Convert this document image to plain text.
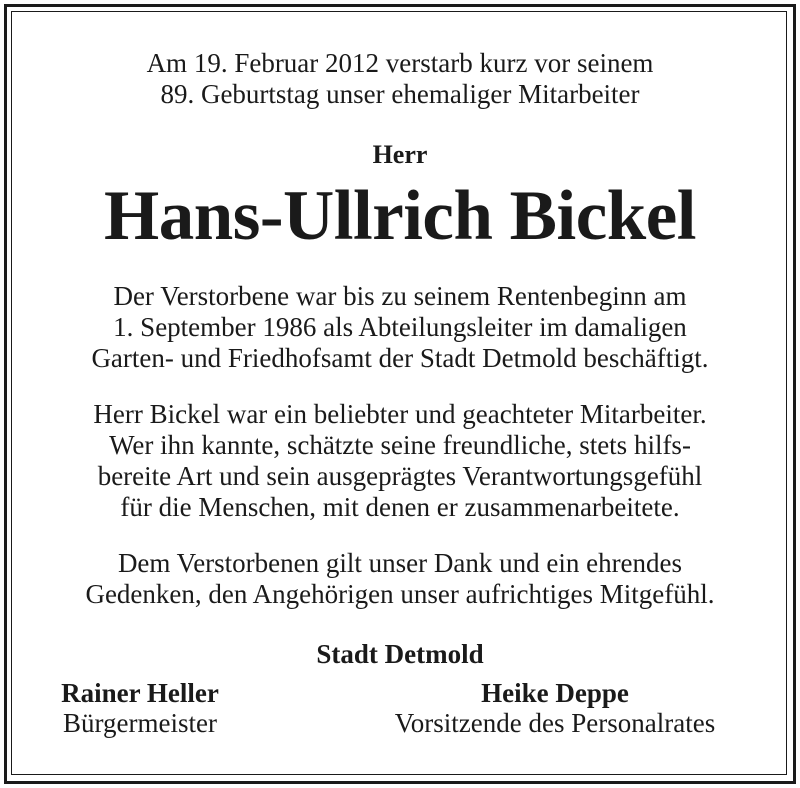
Am 19. Februar 2012 verstarb kurz vor seinem
89. Geburtstag unser ehemaliger Mitarbeiter
Herr
Hans-Ullrich Bickel
Der Verstorbene war bis zu seinem Rentenbeginn am
1. September 1986 als Abteilungsleiter im damaligen
Garten- und Friedhofsamt der Stadt Detmold beschäftigt.
Herr Bickel war ein beliebter und geachteter Mitarbeiter.
Wer ihn kannte, schätzte seine freundliche, stets hilfs-
bereite Art und sein ausgeprägtes Verantwortungsgefühl
für die Menschen, mit denen er zusammenarbeitete.
Dem Verstorbenen gilt unser Dank und ein ehrendes
Gedenken, den Angehörigen unser aufrichtiges Mitgefühl.
Stadt Detmold
Rainer Heller
Bürgermeister
Heike Deppe
Vorsitzende des Personalrates
